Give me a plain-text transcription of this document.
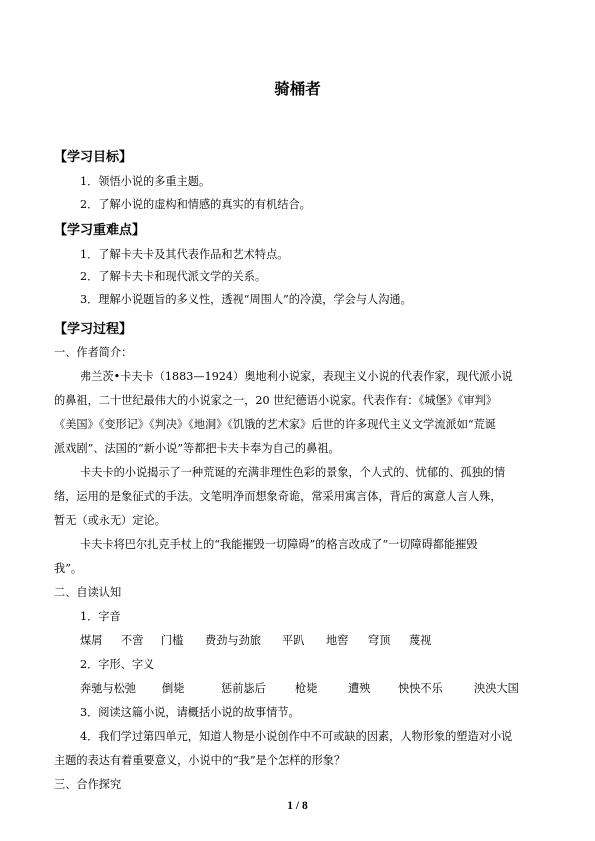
骑桶者
【学习目标】
1．领悟小说的多重主题。
2．了解小说的虚构和情感的真实的有机结合。
【学习重难点】
1．了解卡夫卡及其代表作品和艺术特点。
2．了解卡夫卡和现代派文学的关系。
3．理解小说题旨的多义性，透视“周围人”的冷漠，学会与人沟通。
【学习过程】
一、作者简介：
弗兰茨•卡夫卡（1883—1924）奥地利小说家，表现主义小说的代表作家，现代派小说
的鼻祖，二十世纪最伟大的小说家之一，20 世纪德语小说家。代表作有：《城堡》《审判》
《美国》《变形记》《判决》《地洞》《饥饿的艺术家》后世的许多现代主义文学流派如“荒诞
派戏剧”、法国的“新小说”等都把卡夫卡奉为自己的鼻祖。
卡夫卡的小说揭示了一种荒诞的充满非理性色彩的景象，个人式的、忧郁的、孤独的情
绪，运用的是象征式的手法。文笔明净而想象奇诡，常采用寓言体，背后的寓意人言人殊，
暂无（或永无）定论。
卡夫卡将巴尔扎克手杖上的“我能摧毁一切障碍”的格言改成了“一切障碍都能摧毁
我”。
二、自读认知
1．字音
煤屑 不啻 门槛 费劲与劲旅 平趴 地窖 穹顶 蔑视
2．字形、字义
奔驰与松弛 倒毙	惩前毖后	枪毙	遭殃 怏怏不乐	泱泱大国
3．阅读这篇小说，请概括小说的故事情节。
4．我们学过第四单元，知道人物是小说创作中不可或缺的因素，人物形象的塑造对小说
主题的表达有着重要意义，小说中的“我”是个怎样的形象？
三、合作探究
1 / 8
